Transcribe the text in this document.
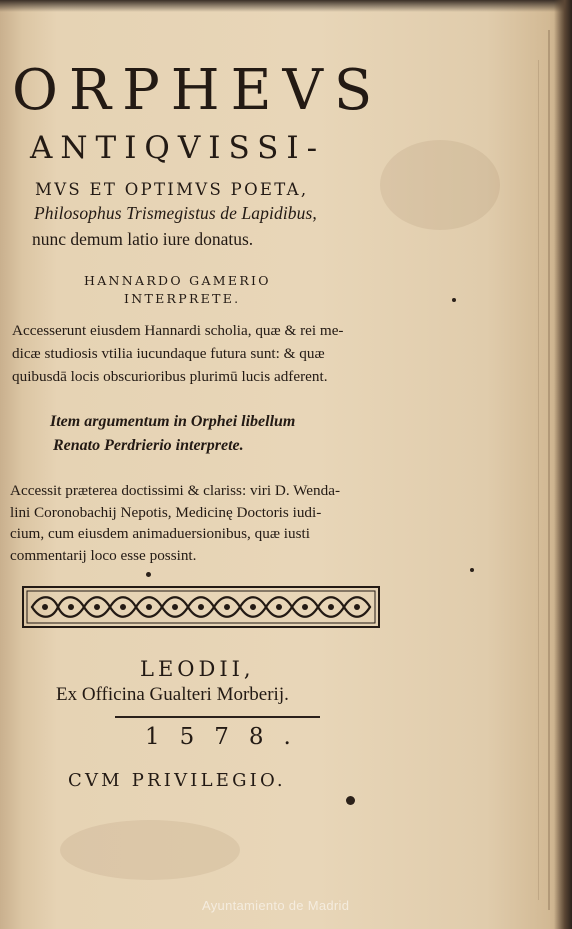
ORPHEVS

ANTIQVISSI-

MVS ET OPTIMVS POETA,

Philosophus Trismegistus de Lapidibus,

nunc demum latio iure donatus.

HANNARDO GAMERIO

INTERPRETE.

Accesserunt eiusdem Hannardi scholia, quæ & rei me-

dicæ studiosis vtilia iucundaque futura sunt: & quæ

quibusdā locis obscurioribus plurimū lucis adferent.

Item argumentum in Orphei libellum

Renato Perdrierio interprete.

Accessit præterea doctissimi & clariss: viri D. Wenda-

lini Coronobachij Nepotis, Medicinę Doctoris iudi-

cium, cum eiusdem animaduersionibus, quæ iusti

commentarij loco esse possint.

LEODII,

Ex Officina Gualteri Morberij.

1578.

CVM PRIVILEGIO.

Ayuntamiento de Madrid
